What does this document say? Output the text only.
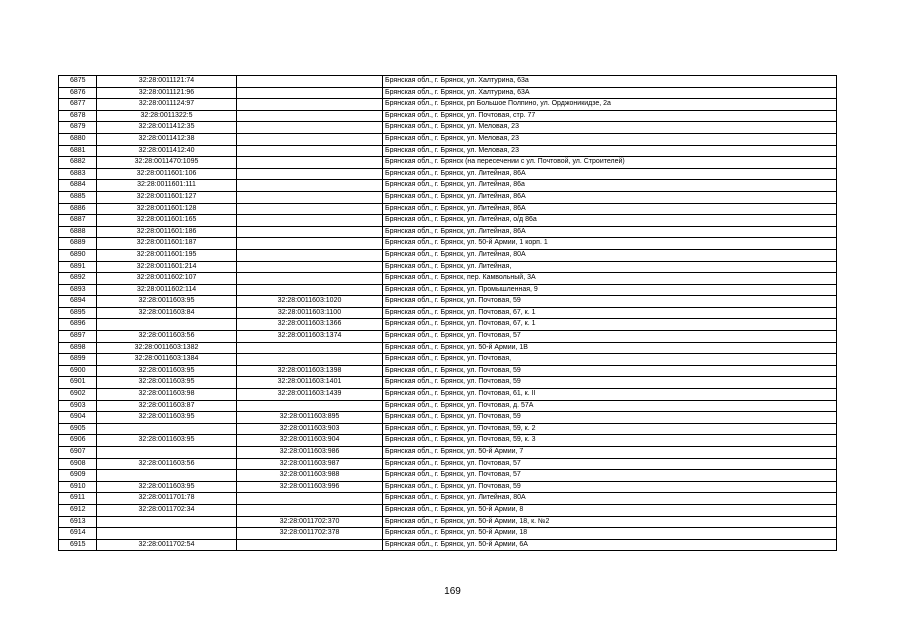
6875	32:28:0011121:74		Брянская обл., г. Брянск, ул. Халтурина, 63а
6876	32:28:0011121:96		Брянская обл., г. Брянск, ул. Халтурина, 63А
6877	32:28:0011124:97		Брянская обл., г. Брянск, рп Большое Полпино, ул. Орджоникидзе, 2а
6878	32:28:0011322:5		Брянская обл., г. Брянск, ул. Почтовая, стр. 77
6879	32:28:0011412:35		Брянская обл., г. Брянск, ул. Меловая, 23
6880	32:28:0011412:38		Брянская обл., г. Брянск, ул. Меловая, 23
6881	32:28:0011412:40		Брянская обл., г. Брянск, ул. Меловая, 23
6882	32:28:0011470:1095		Брянская обл., г. Брянск (на пересечении с ул. Почтовой, ул. Строителей)
6883	32:28:0011601:106		Брянская обл., г. Брянск, ул. Литейная, 86А
6884	32:28:0011601:111		Брянская обл., г. Брянск, ул. Литейная, 86а
6885	32:28:0011601:127		Брянская обл., г. Брянск, ул. Литейная, 86А
6886	32:28:0011601:128		Брянская обл., г. Брянск, ул. Литейная, 86А
6887	32:28:0011601:165		Брянская обл., г. Брянск, ул. Литейная, о/д 86а
6888	32:28:0011601:186		Брянская обл., г. Брянск, ул. Литейная, 86А
6889	32:28:0011601:187		Брянская обл., г. Брянск, ул. 50-й Армии, 1 корп. 1
6890	32:28:0011601:195		Брянская обл., г. Брянск, ул. Литейная, 80А
6891	32:28:0011601:214		Брянская обл., г. Брянск, ул. Литейная,
6892	32:28:0011602:107		Брянская обл., г. Брянск, пер. Камвольный, 3А
6893	32:28:0011602:114		Брянская обл., г. Брянск, ул. Промышленная, 9
6894	32:28:0011603:95	32:28:0011603:1020	Брянская обл., г. Брянск, ул. Почтовая, 59
6895	32:28:0011603:84	32:28:0011603:1100	Брянская обл., г. Брянск, ул. Почтовая, 67, к. 1
6896		32:28:0011603:1366	Брянская обл., г. Брянск, ул. Почтовая, 67, к. 1
6897	32:28:0011603:56	32:28:0011603:1374	Брянская обл., г. Брянск, ул. Почтовая, 57
6898	32:28:0011603:1382		Брянская обл., г. Брянск, ул. 50-й Армии, 1В
6899	32:28:0011603:1384		Брянская обл., г. Брянск, ул. Почтовая,
6900	32:28:0011603:95	32:28:0011603:1398	Брянская обл., г. Брянск, ул. Почтовая, 59
6901	32:28:0011603:95	32:28:0011603:1401	Брянская обл., г. Брянск, ул. Почтовая, 59
6902	32:28:0011603:98	32:28:0011603:1439	Брянская обл., г. Брянск, ул. Почтовая, 61, к. II
6903	32:28:0011603:87		Брянская обл., г. Брянск, ул. Почтовая, д. 57А
6904	32:28:0011603:95	32:28:0011603:895	Брянская обл., г. Брянск, ул. Почтовая, 59
6905		32:28:0011603:903	Брянская обл., г. Брянск, ул. Почтовая, 59, к. 2
6906	32:28:0011603:95	32:28:0011603:904	Брянская обл., г. Брянск, ул. Почтовая, 59, к. 3
6907		32:28:0011603:986	Брянская обл., г. Брянск, ул. 50-й Армии, 7
6908	32:28:0011603:56	32:28:0011603:987	Брянская обл., г. Брянск, ул. Почтовая, 57
6909		32:28:0011603:988	Брянская обл., г. Брянск, ул. Почтовая, 57
6910	32:28:0011603:95	32:28:0011603:996	Брянская обл., г. Брянск, ул. Почтовая, 59
6911	32:28:0011701:78		Брянская обл., г. Брянск, ул. Литейная, 80А
6912	32:28:0011702:34		Брянская обл., г. Брянск, ул. 50-й Армии, 8
6913		32:28:0011702:370	Брянская обл., г. Брянск, ул. 50-й Армии, 18, к. №2
6914		32:28:0011702:378	Брянская обл., г. Брянск, ул. 50-й Армии, 18
6915	32:28:0011702:54		Брянская обл., г. Брянск, ул. 50-й Армии, 6А
169
